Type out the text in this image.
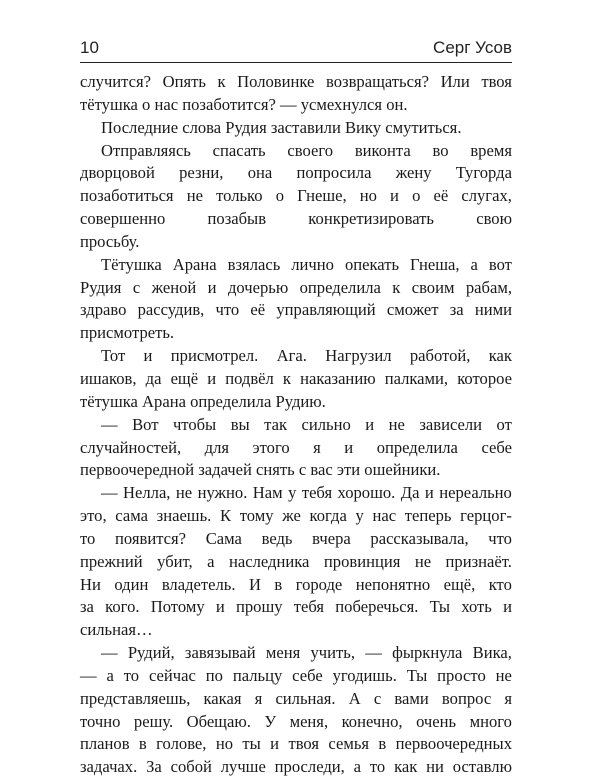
10	Серг Усов
случится? Опять к Половинке возвращаться? Или твоя
тётушка о нас позаботится? — усмехнулся он.
Последние слова Рудия заставили Вику смутиться.
Отправляясь спасать своего виконта во время
дворцовой резни, она попросила жену Тугорда
позаботиться не только о Гнеше, но и о её слугах,
совершенно	позабыв	конкретизировать	свою
просьбу.
Тётушка Арана взялась лично опекать Гнеша, а вот
Рудия с женой и дочерью определила к своим рабам,
здраво рассудив, что её управляющий сможет за ними
присмотреть.
Тот и присмотрел. Ага. Нагрузил работой, как
ишаков, да ещё и подвёл к наказанию палками, которое
тётушка Арана определила Рудию.
— Вот чтобы вы так сильно и не зависели от
случайностей, для этого я и определила себе
первоочередной задачей снять с вас эти ошейники.
— Нелла, не нужно. Нам у тебя хорошо. Да и нереально
это, сама знаешь. К тому же когда у нас теперь герцог-
то появится? Сама ведь вчера рассказывала, что
прежний убит, а наследника провинция не признаёт.
Ни один владетель. И в городе непонятно ещё, кто
за кого. Потому и прошу тебя поберечься. Ты хоть и
сильная…
— Рудий, завязывай меня учить, — фыркнула Вика,
— а то сейчас по пальцу себе угодишь. Ты просто не
представляешь, какая я сильная. А с вами вопрос я
точно решу. Обещаю. У меня, конечно, очень много
планов в голове, но ты и твоя семья в первоочередных
задачах. За собой лучше проследи, а то как ни оставлю
